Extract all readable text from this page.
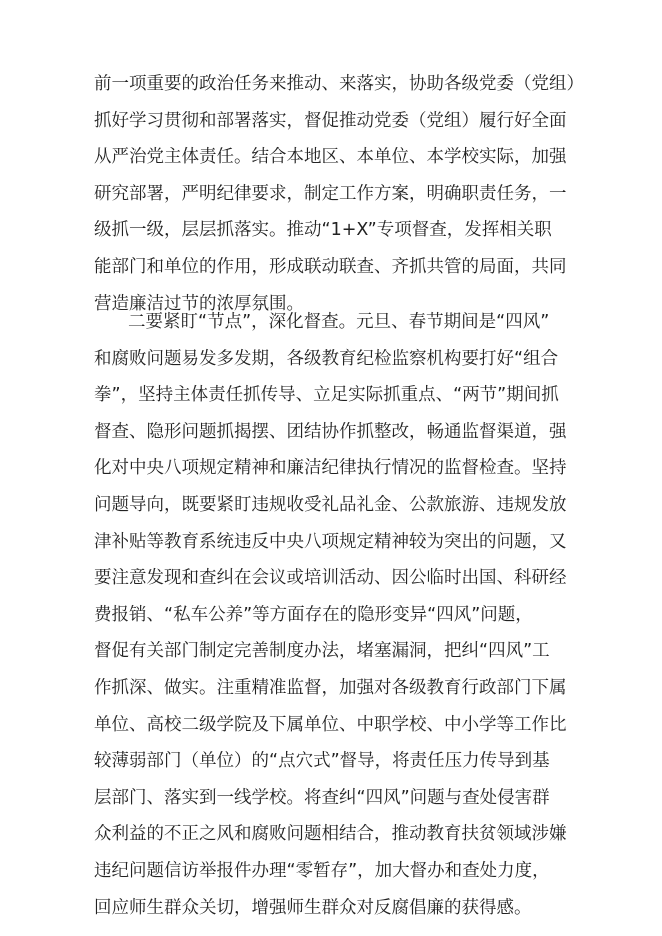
前一项重要的政治任务来推动、来落实，协助各级党委（党组）
抓好学习贯彻和部署落实，督促推动党委（党组）履行好全面
从严治党主体责任。结合本地区、本单位、本学校实际，加强
研究部署，严明纪律要求，制定工作方案，明确职责任务，一
级抓一级，层层抓落实。推动“1+X”专项督查，发挥相关职
能部门和单位的作用，形成联动联查、齐抓共管的局面，共同
营造廉洁过节的浓厚氛围。
二要紧盯“节点”，深化督查。元旦、春节期间是“四风”
和腐败问题易发多发期，各级教育纪检监察机构要打好“组合
拳”，坚持主体责任抓传导、立足实际抓重点、“两节”期间抓
督查、隐形问题抓揭摆、团结协作抓整改，畅通监督渠道，强
化对中央八项规定精神和廉洁纪律执行情况的监督检查。坚持
问题导向，既要紧盯违规收受礼品礼金、公款旅游、违规发放
津补贴等教育系统违反中央八项规定精神较为突出的问题，又
要注意发现和查纠在会议或培训活动、因公临时出国、科研经
费报销、“私车公养”等方面存在的隐形变异“四风”问题，
督促有关部门制定完善制度办法，堵塞漏洞，把纠“四风”工
作抓深、做实。注重精准监督，加强对各级教育行政部门下属
单位、高校二级学院及下属单位、中职学校、中小学等工作比
较薄弱部门（单位）的“点穴式”督导，将责任压力传导到基
层部门、落实到一线学校。将查纠“四风”问题与查处侵害群
众利益的不正之风和腐败问题相结合，推动教育扶贫领域涉嫌
违纪问题信访举报件办理“零暂存”，加大督办和查处力度，
回应师生群众关切，增强师生群众对反腐倡廉的获得感。
